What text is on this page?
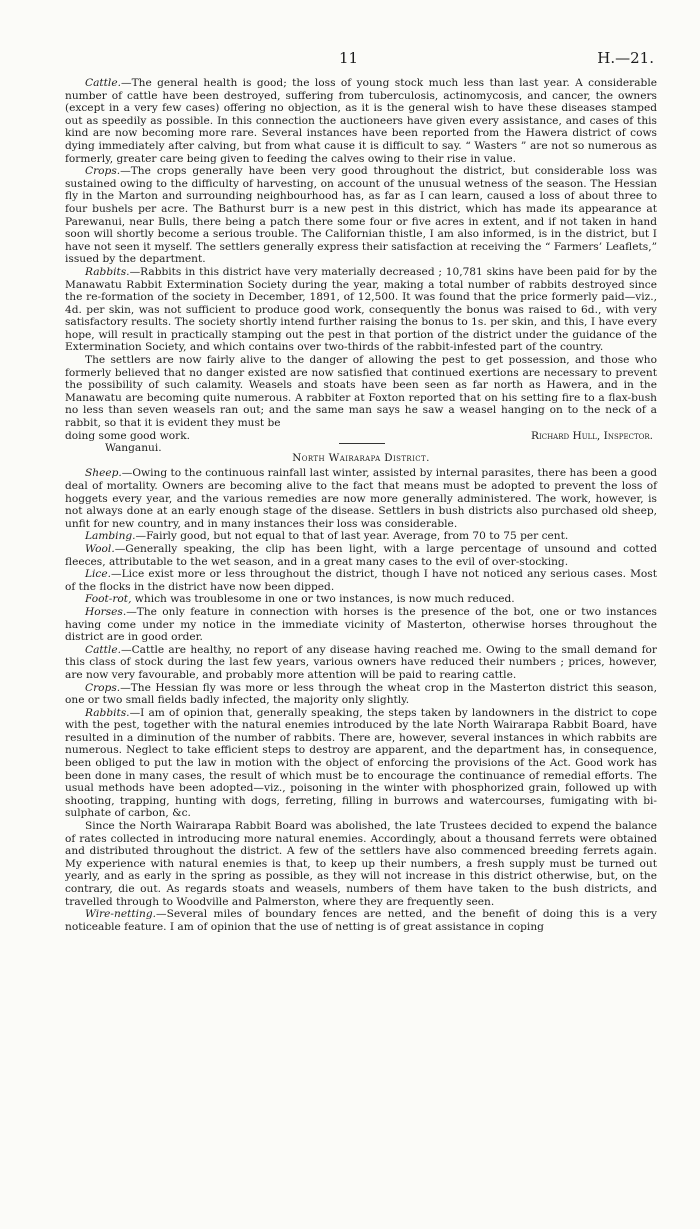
11	H.—21.

Cattle.—The general health is good; the loss of young stock much less than last year. A considerable number of cattle have been destroyed, suffering from tuberculosis, actinomycosis, and cancer, the owners (except in a very few cases) offering no objection, as it is the general wish to have these diseases stamped out as speedily as possible. In this connection the auctioneers have given every assistance, and cases of this kind are now becoming more rare. Several instances have been reported from the Hawera district of cows dying immediately after calving, but from what cause it is difficult to say. “ Wasters ” are not so numerous as formerly, greater care being given to feeding the calves owing to their rise in value.

Crops.—The crops generally have been very good throughout the district, but considerable loss was sustained owing to the difficulty of harvesting, on account of the unusual wetness of the season. The Hessian fly in the Marton and surrounding neighbourhood has, as far as I can learn, caused a loss of about three to four bushels per acre. The Bathurst burr is a new pest in this district, which has made its appearance at Parewanui, near Bulls, there being a patch there some four or five acres in extent, and if not taken in hand soon will shortly become a serious trouble. The Californian thistle, I am also informed, is in the district, but I have not seen it myself. The settlers generally express their satisfaction at receiving the “ Farmers’ Leaflets,” issued by the department.

Rabbits.—Rabbits in this district have very materially decreased ; 10,781 skins have been paid for by the Manawatu Rabbit Extermination Society during the year, making a total number of rabbits destroyed since the re-formation of the society in December, 1891, of 12,500. It was found that the price formerly paid—viz., 4d. per skin, was not sufficient to produce good work, consequently the bonus was raised to 6d., with very satisfactory results. The society shortly intend further raising the bonus to 1s. per skin, and this, I have every hope, will result in practically stamping out the pest in that portion of the district under the guidance of the Extermination Society, and which contains over two-thirds of the rabbit-infested part of the country.

The settlers are now fairly alive to the danger of allowing the pest to get possession, and those who formerly believed that no danger existed are now satisfied that continued exertions are necessary to prevent the possibility of such calamity. Weasels and stoats have been seen as far north as Hawera, and in the Manawatu are becoming quite numerous. A rabbiter at Foxton reported that on his setting fire to a flax-bush no less than seven weasels ran out; and the same man says he saw a weasel hanging on to the neck of a rabbit, so that it is evident they must be

doing some good work.	Richard Hull, Inspector.

Wanganui.

North Wairarapa District.

Sheep.—Owing to the continuous rainfall last winter, assisted by internal parasites, there has been a good deal of mortality. Owners are becoming alive to the fact that means must be adopted to prevent the loss of hoggets every year, and the various remedies are now more generally administered. The work, however, is not always done at an early enough stage of the disease. Settlers in bush districts also purchased old sheep, unfit for new country, and in many instances their loss was considerable.

Lambing.—Fairly good, but not equal to that of last year. Average, from 70 to 75 per cent.

Wool.—Generally speaking, the clip has been light, with a large percentage of unsound and cotted fleeces, attributable to the wet season, and in a great many cases to the evil of over-stocking.

Lice.—Lice exist more or less throughout the district, though I have not noticed any serious cases. Most of the flocks in the district have now been dipped.

Foot-rot, which was troublesome in one or two instances, is now much reduced.

Horses.—The only feature in connection with horses is the presence of the bot, one or two instances having come under my notice in the immediate vicinity of Masterton, otherwise horses throughout the district are in good order.

Cattle.—Cattle are healthy, no report of any disease having reached me. Owing to the small demand for this class of stock during the last few years, various owners have reduced their numbers ; prices, however, are now very favourable, and probably more attention will be paid to rearing cattle.

Crops.—The Hessian fly was more or less through the wheat crop in the Masterton district this season, one or two small fields badly infected, the majority only slightly.

Rabbits.—I am of opinion that, generally speaking, the steps taken by landowners in the district to cope with the pest, together with the natural enemies introduced by the late North Wairarapa Rabbit Board, have resulted in a diminution of the number of rabbits. There are, however, several instances in which rabbits are numerous. Neglect to take efficient steps to destroy are apparent, and the department has, in consequence, been obliged to put the law in motion with the object of enforcing the provisions of the Act. Good work has been done in many cases, the result of which must be to encourage the continuance of remedial efforts. The usual methods have been adopted—viz., poisoning in the winter with phosphorized grain, followed up with shooting, trapping, hunting with dogs, ferreting, filling in burrows and watercourses, fumigating with bi-sulphate of carbon, &c.

Since the North Wairarapa Rabbit Board was abolished, the late Trustees decided to expend the balance of rates collected in introducing more natural enemies. Accordingly, about a thousand ferrets were obtained and distributed throughout the district. A few of the settlers have also commenced breeding ferrets again. My experience with natural enemies is that, to keep up their numbers, a fresh supply must be turned out yearly, and as early in the spring as possible, as they will not increase in this district otherwise, but, on the contrary, die out. As regards stoats and weasels, numbers of them have taken to the bush districts, and travelled through to Woodville and Palmerston, where they are frequently seen.

Wire-netting.—Several miles of boundary fences are netted, and the benefit of doing this is a very noticeable feature. I am of opinion that the use of netting is of great assistance in coping
